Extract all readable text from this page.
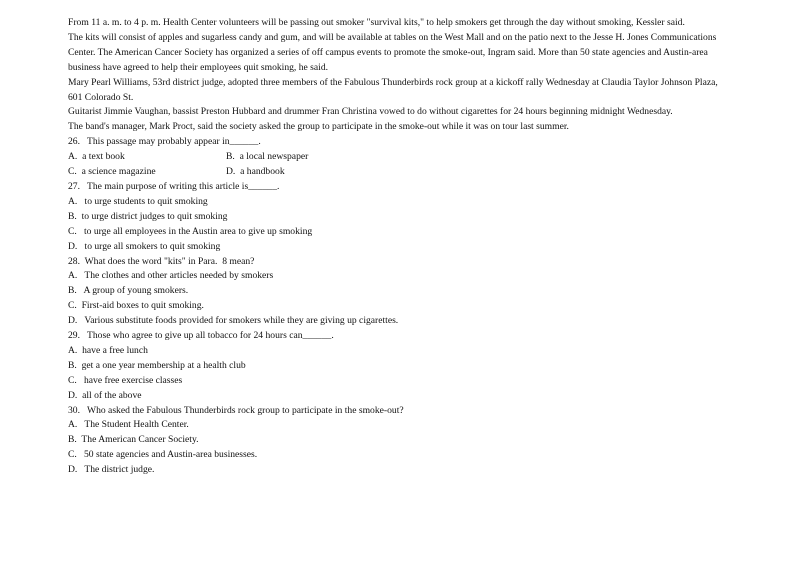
From 11 a. m. to 4 p. m. Health Center volunteers will be passing out smoker "survival kits," to help smokers get through the day without smoking, Kessler said.

The kits will consist of apples and sugarless candy and gum, and will be available at tables on the West Mall and on the patio next to the Jesse H. Jones Communications Center. The American Cancer Society has organized a series of off campus events to promote the smoke-out, Ingram said. More than 50 state agencies and Austin-area business have agreed to help their employees quit smoking, he said.

Mary Pearl Williams, 53rd district judge, adopted three members of the Fabulous Thunderbirds rock group at a kickoff rally Wednesday at Claudia Taylor Johnson Plaza, 601 Colorado St.

Guitarist Jimmie Vaughan, bassist Preston Hubbard and drummer Fran Christina vowed to do without cigarettes for 24 hours beginning midnight Wednesday.

The band's manager, Mark Proct, said the society asked the group to participate in the smoke-out while it was on tour last summer.

26.   This passage may probably appear in______.
A.  a text book	B.  a local newspaper
C.  a science magazine	D.  a handbook
27.   The main purpose of writing this article is______.
A.   to urge students to quit smoking
B.  to urge district judges to quit smoking
C.   to urge all employees in the Austin area to give up smoking
D.   to urge all smokers to quit smoking
28.  What does the word "kits" in Para.  8 mean?
A.   The clothes and other articles needed by smokers
B.   A group of young smokers.
C.  First-aid boxes to quit smoking.
D.   Various substitute foods provided for smokers while they are giving up cigarettes.
29.   Those who agree to give up all tobacco for 24 hours can______.
A.  have a free lunch
B.  get a one year membership at a health club
C.   have free exercise classes
D.  all of the above
30.   Who asked the Fabulous Thunderbirds rock group to participate in the smoke-out?
A.   The Student Health Center.
B.  The American Cancer Society.
C.   50 state agencies and Austin-area businesses.
D.   The district judge.
